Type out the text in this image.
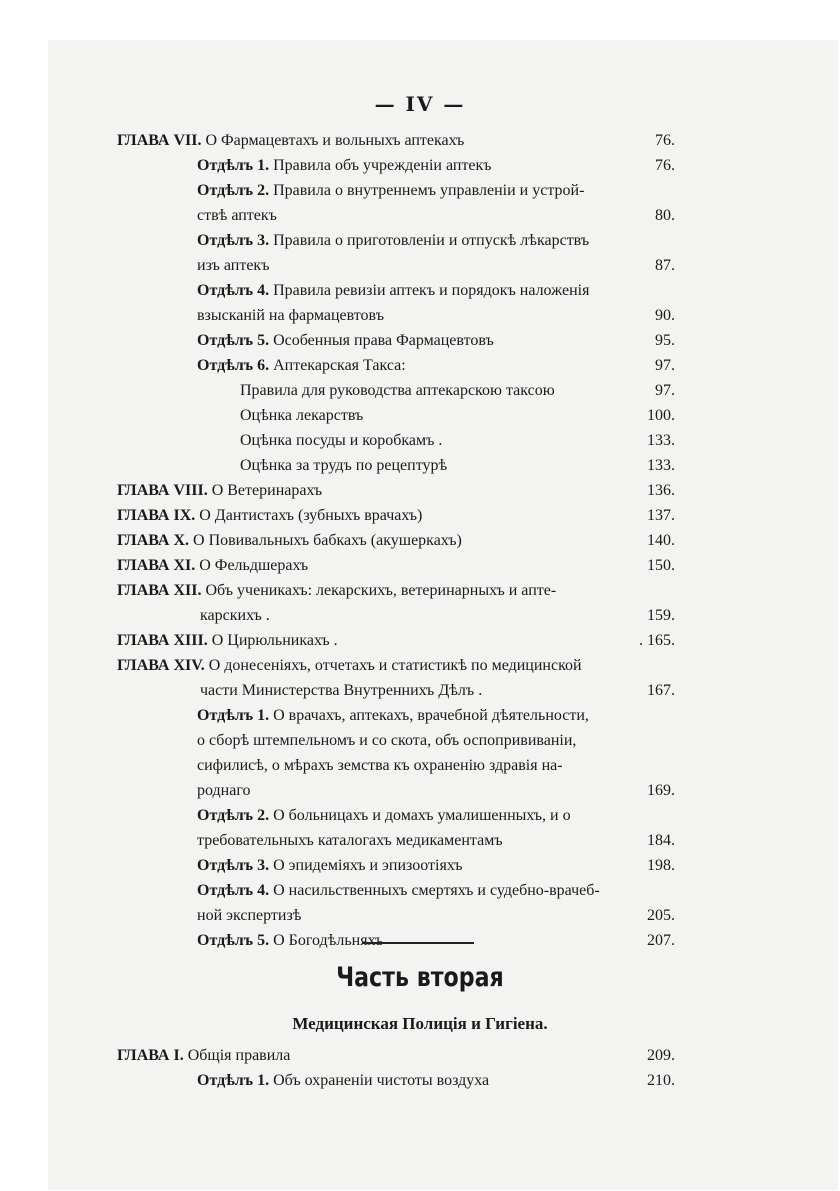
— IV —
ГЛАВА VII. О Фармацевтахъ и вольныхъ аптекахъ	76.
Отдѣлъ 1. Правила объ учрежденіи аптекъ	76.
Отдѣлъ 2. Правила о внутреннемъ управленіи и устрой-
ствѣ аптекъ	80.
Отдѣлъ 3. Правила о приготовленіи и отпускѣ лѣкарствъ
изъ аптекъ	87.
Отдѣлъ 4. Правила ревизіи аптекъ и порядокъ наложенія
взысканій на фармацевтовъ	90.
Отдѣлъ 5. Особенныя права Фармацевтовъ	95.
Отдѣлъ 6. Аптекарская Такса:	97.
Правила для руководства аптекарскою таксою	97.
Оцѣнка лекарствъ	100.
Оцѣнка посуды и коробкамъ .	133.
Оцѣнка за трудъ по рецептурѣ	133.
ГЛАВА VIII. О Ветеринарахъ	136.
ГЛАВА IX. О Дантистахъ (зубныхъ врачахъ)	137.
ГЛАВА X. О Повивальныхъ бабкахъ (акушеркахъ)	140.
ГЛАВА XI. О Фельдшерахъ	150.
ГЛАВА XII. Объ ученикахъ: лекарскихъ, ветеринарныхъ и апте-
карскихъ .	159.
ГЛАВА XIII. О Цирюльникахъ .	. 165.
ГЛАВА XIV. О донесеніяхъ, отчетахъ и статистикѣ по медицинской
части Министерства Внутреннихъ Дѣлъ .	167.
Отдѣлъ 1. О врачахъ, аптекахъ, врачебной дѣятельности,
о сборѣ штемпельномъ и со скота, объ оспопрививаніи,
сифилисѣ, о мѣрахъ земства къ охраненію здравія на-
роднаго	169.
Отдѣлъ 2. О больницахъ и домахъ умалишенныхъ, и о
требовательныхъ каталогахъ медикаментамъ	184.
Отдѣлъ 3. О эпидеміяхъ и эпизоотіяхъ	198.
Отдѣлъ 4. О насильственныхъ смертяхъ и судебно-врачеб-
ной экспертизѣ	205.
Отдѣлъ 5. О Богодѣльняхъ	207.
Часть вторая
Медицинская Полиція и Гигіена.
ГЛАВА I. Общія правила	209.
Отдѣлъ 1. Объ охраненіи чистоты воздуха	210.
